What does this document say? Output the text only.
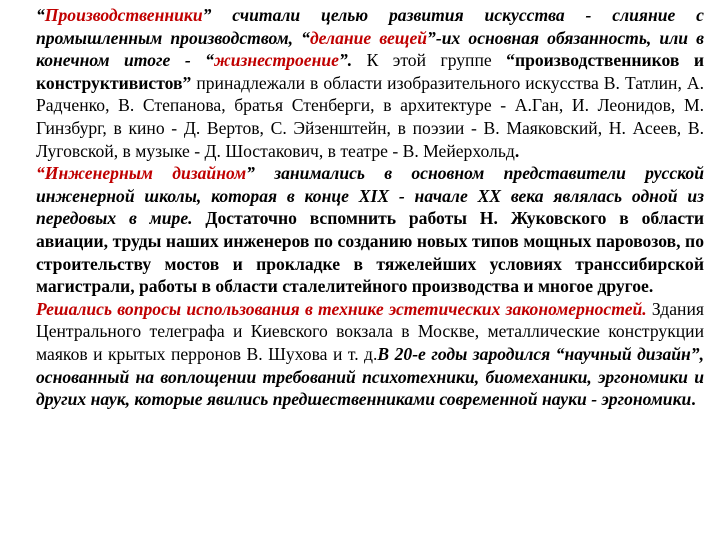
“Производственники” считали целью развития искусства - слияние с промышленным производством, “делание вещей”-их основная обязанность, или в конечном итоге - “жизнестроение”. К этой группе “производственников и конструктивистов” принадлежали в области изобразительного искусства В. Татлин, А. Радченко, В. Степанова, братья Стенберги, в архитектуре - А.Ган, И. Леонидов, М. Гинзбург, в кино - Д. Вертов, С. Эйзенштейн, в поэзии - В. Маяковский, Н. Асеев, В. Луговской, в музыке - Д. Шостакович, в театре - В. Мейерхольд.

“Инженерным дизайном” занимались в основном представители русской инженерной школы, которая в конце XIX - начале XX века являлась одной из передовых в мире. Достаточно вспомнить работы Н. Жуковского в области авиации, труды наших инженеров по созданию новых типов мощных паровозов, по строительству мостов и прокладке в тяжелейших условиях транссибирской магистрали, работы в области сталелитейного производства и многое другое.

Решались вопросы использования в технике эстетических закономерностей. Здания Центрального телеграфа и Киевского вокзала в Москве, металлические конструкции маяков и крытых перронов В. Шухова и т. д.В 20-е годы зародился “научный дизайн”, основанный на воплощении требований психотехники, биомеханики, эргономики и других наук, которые явились предшественниками современной науки - эргономики.
